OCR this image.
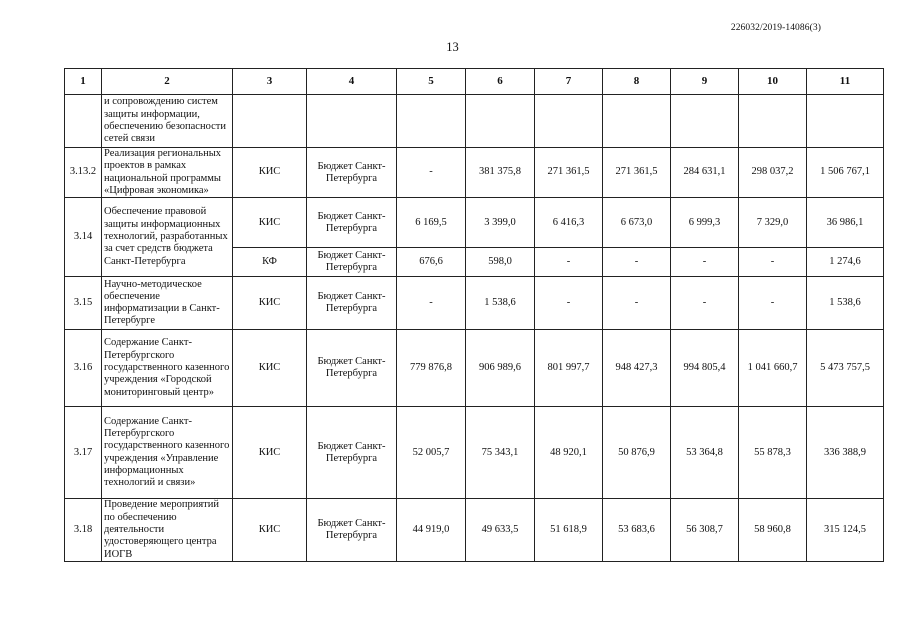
226032/2019-14086(3)
13
1	2	3	4	5	6	7	8	9	10	11
	и сопровождению систем защиты информации, обеспечению безопасности сетей связи									
3.13.2	Реализация региональных проектов в рамках национальной программы «Цифровая экономика»	КИС	Бюджет Санкт-Петербурга	-	381 375,8	271 361,5	271 361,5	284 631,1	298 037,2	1 506 767,1
3.14	Обеспечение правовой защиты информационных технологий, разработанных за счет средств бюджета Санкт-Петербурга	КИС	Бюджет Санкт-Петербурга	6 169,5	3 399,0	6 416,3	6 673,0	6 999,3	7 329,0	36 986,1
		КФ	Бюджет Санкт-Петербурга	676,6	598,0	-	-	-	-	1 274,6
3.15	Научно-методическое обеспечение информатизации в Санкт-Петербурге	КИС	Бюджет Санкт-Петербурга	-	1 538,6	-	-	-	-	1 538,6
3.16	Содержание Санкт-Петербургского государственного казенного учреждения «Городской мониторинговый центр»	КИС	Бюджет Санкт-Петербурга	779 876,8	906 989,6	801 997,7	948 427,3	994 805,4	1 041 660,7	5 473 757,5
3.17	Содержание Санкт-Петербургского государственного казенного учреждения «Управление информационных технологий и связи»	КИС	Бюджет Санкт-Петербурга	52 005,7	75 343,1	48 920,1	50 876,9	53 364,8	55 878,3	336 388,9
3.18	Проведение мероприятий по обеспечению деятельности удостоверяющего центра ИОГВ	КИС	Бюджет Санкт-Петербурга	44 919,0	49 633,5	51 618,9	53 683,6	56 308,7	58 960,8	315 124,5
